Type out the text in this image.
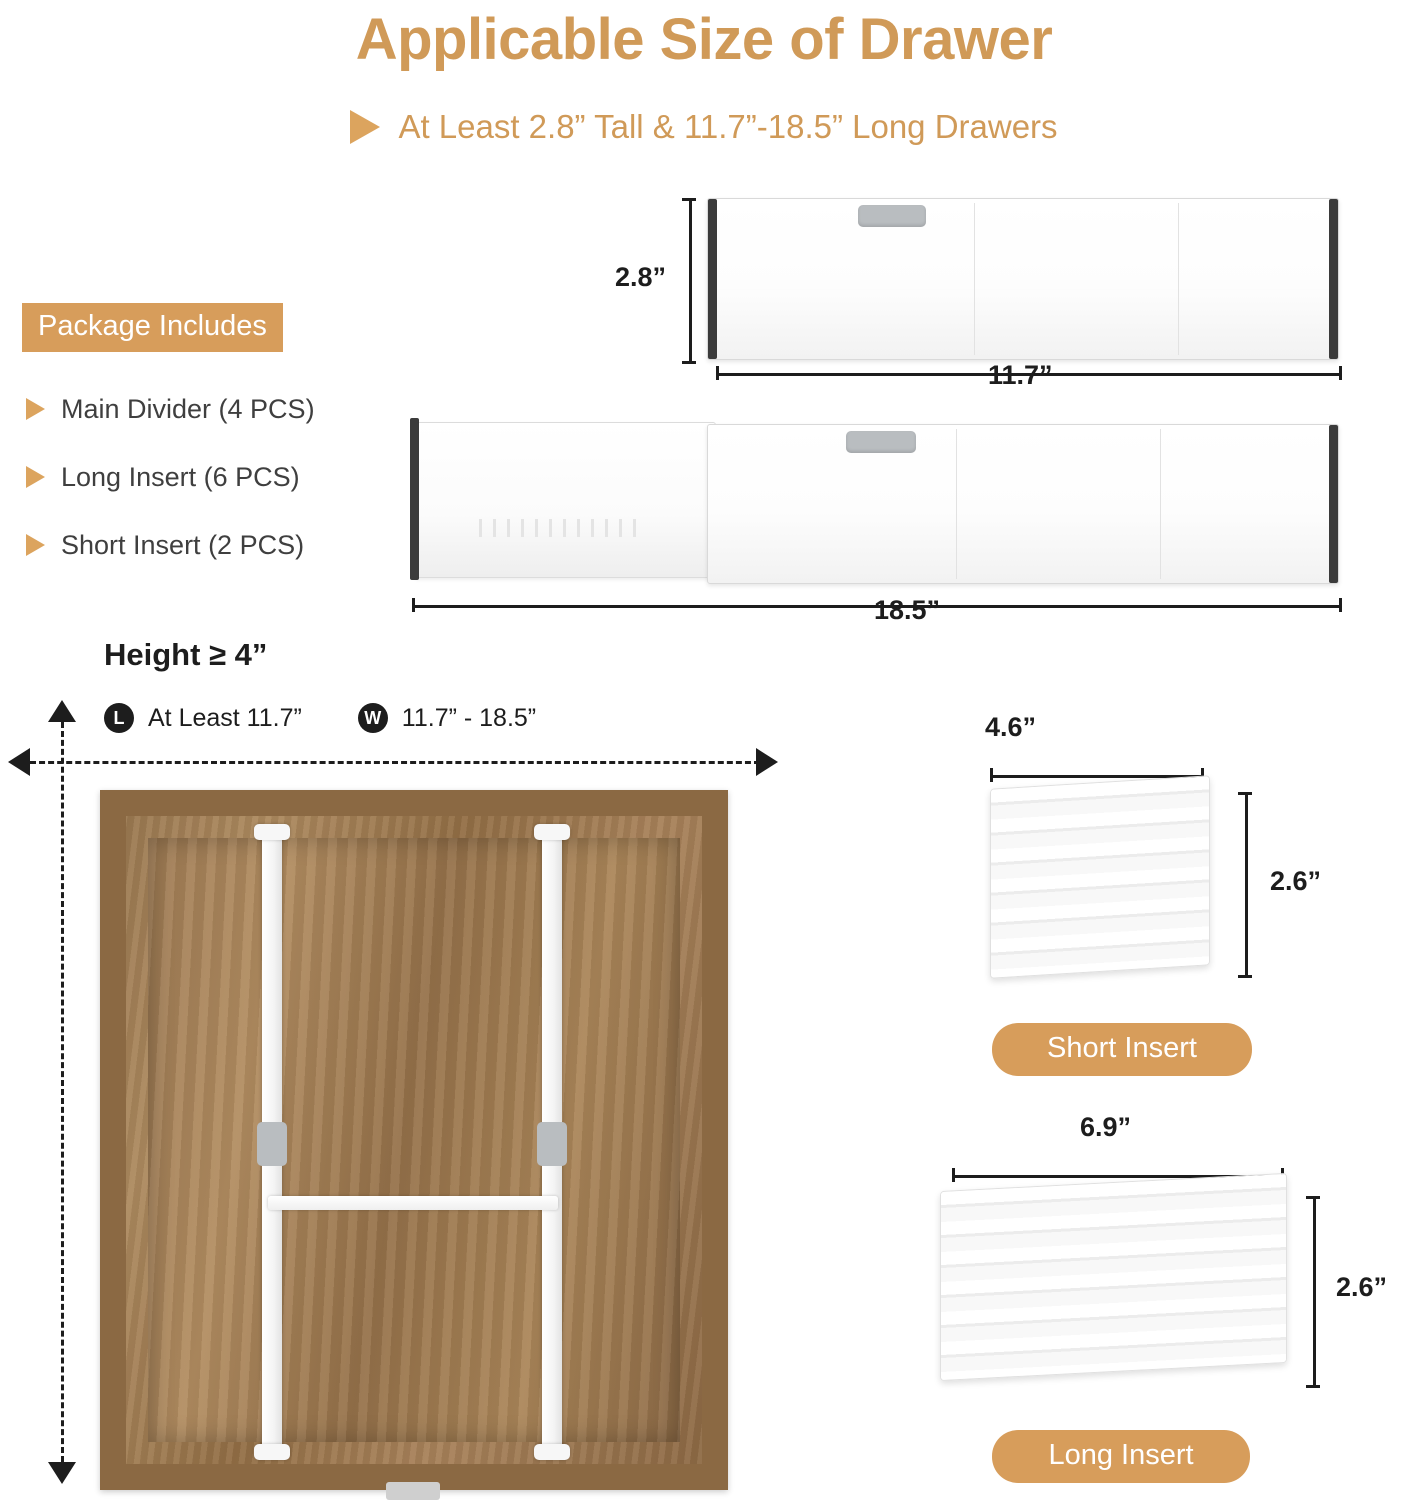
Applicable Size of Drawer
At Least 2.8” Tall & 11.7”-18.5” Long Drawers
Package Includes
Main Divider (4 PCS)
Long Insert (6 PCS)
Short Insert (2 PCS)
2.8”
11.7”
18.5”
Height ≥ 4”
L At Least 11.7”	W 11.7” - 18.5”	4.6”
2.6”
Short Insert
6.9”
2.6”
Long Insert
